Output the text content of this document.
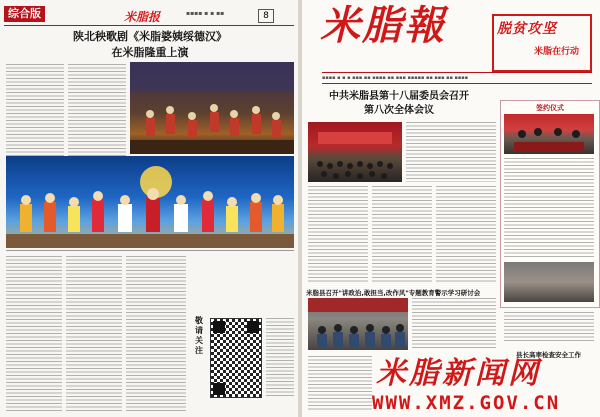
综合版	米脂报	▪▪▪▪ ▪ ▪ ▪▪	8
陕北秧歌剧《米脂婆姨绥德汉》
在米脂隆重上演
敬请关注
米脂報	脱贫攻坚
米脂在行动
▪▪▪▪ ▪ ▪ ▪ ▪▪▪ ▪▪ ▪▪▪▪ ▪▪ ▪▪▪ ▪▪▪▪▪ ▪▪ ▪▪▪ ▪▪ ▪▪▪▪
中共米脂县第十八届委员会召开
第八次全体会议
米脂县召开"讲政治,敢担当,改作风"专题教育警示学习研讨会
签约仪式
县长高率检查安全工作
米脂新闻网
WWW.XMZ.GOV.CN
